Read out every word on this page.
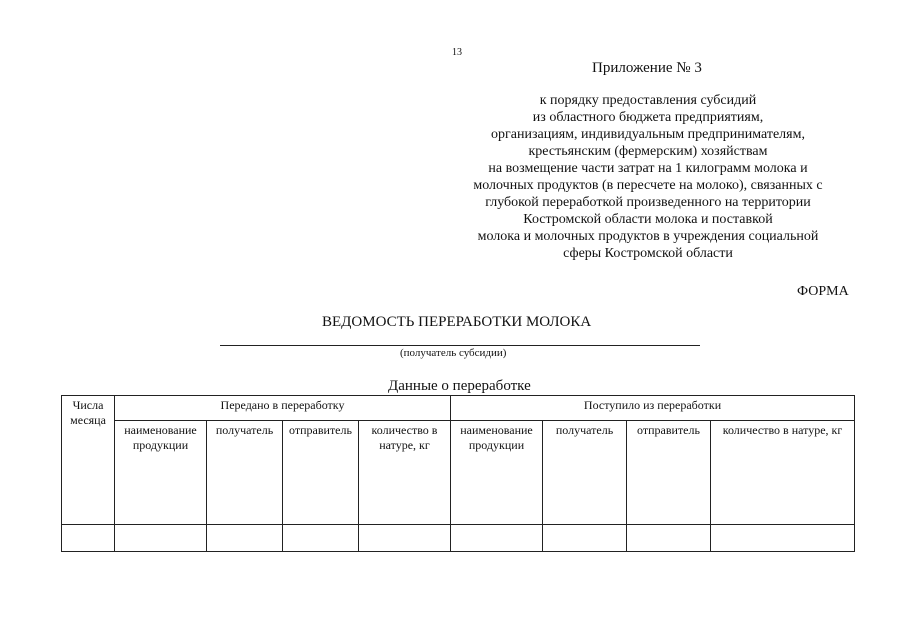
13
Приложение № 3
к порядку предоставления субсидий
из областного бюджета предприятиям,
организациям, индивидуальным предпринимателям,
крестьянским (фермерским) хозяйствам
на возмещение части затрат на 1 килограмм молока и
молочных продуктов (в пересчете на молоко), связанных с
глубокой переработкой произведенного на территории
Костромской области молока и поставкой
молока и молочных продуктов в учреждения социальной
сферы Костромской области
ФОРМА
ВЕДОМОСТЬ ПЕРЕРАБОТКИ МОЛОКА
(получатель субсидии)
Данные о переработке
Числа месяца	Передано в переработку				Поступило из переработки			
	наименование продукции	получатель	отправитель	количество в натуре, кг	наименование продукции	получатель	отправитель	количество в натуре, кг
